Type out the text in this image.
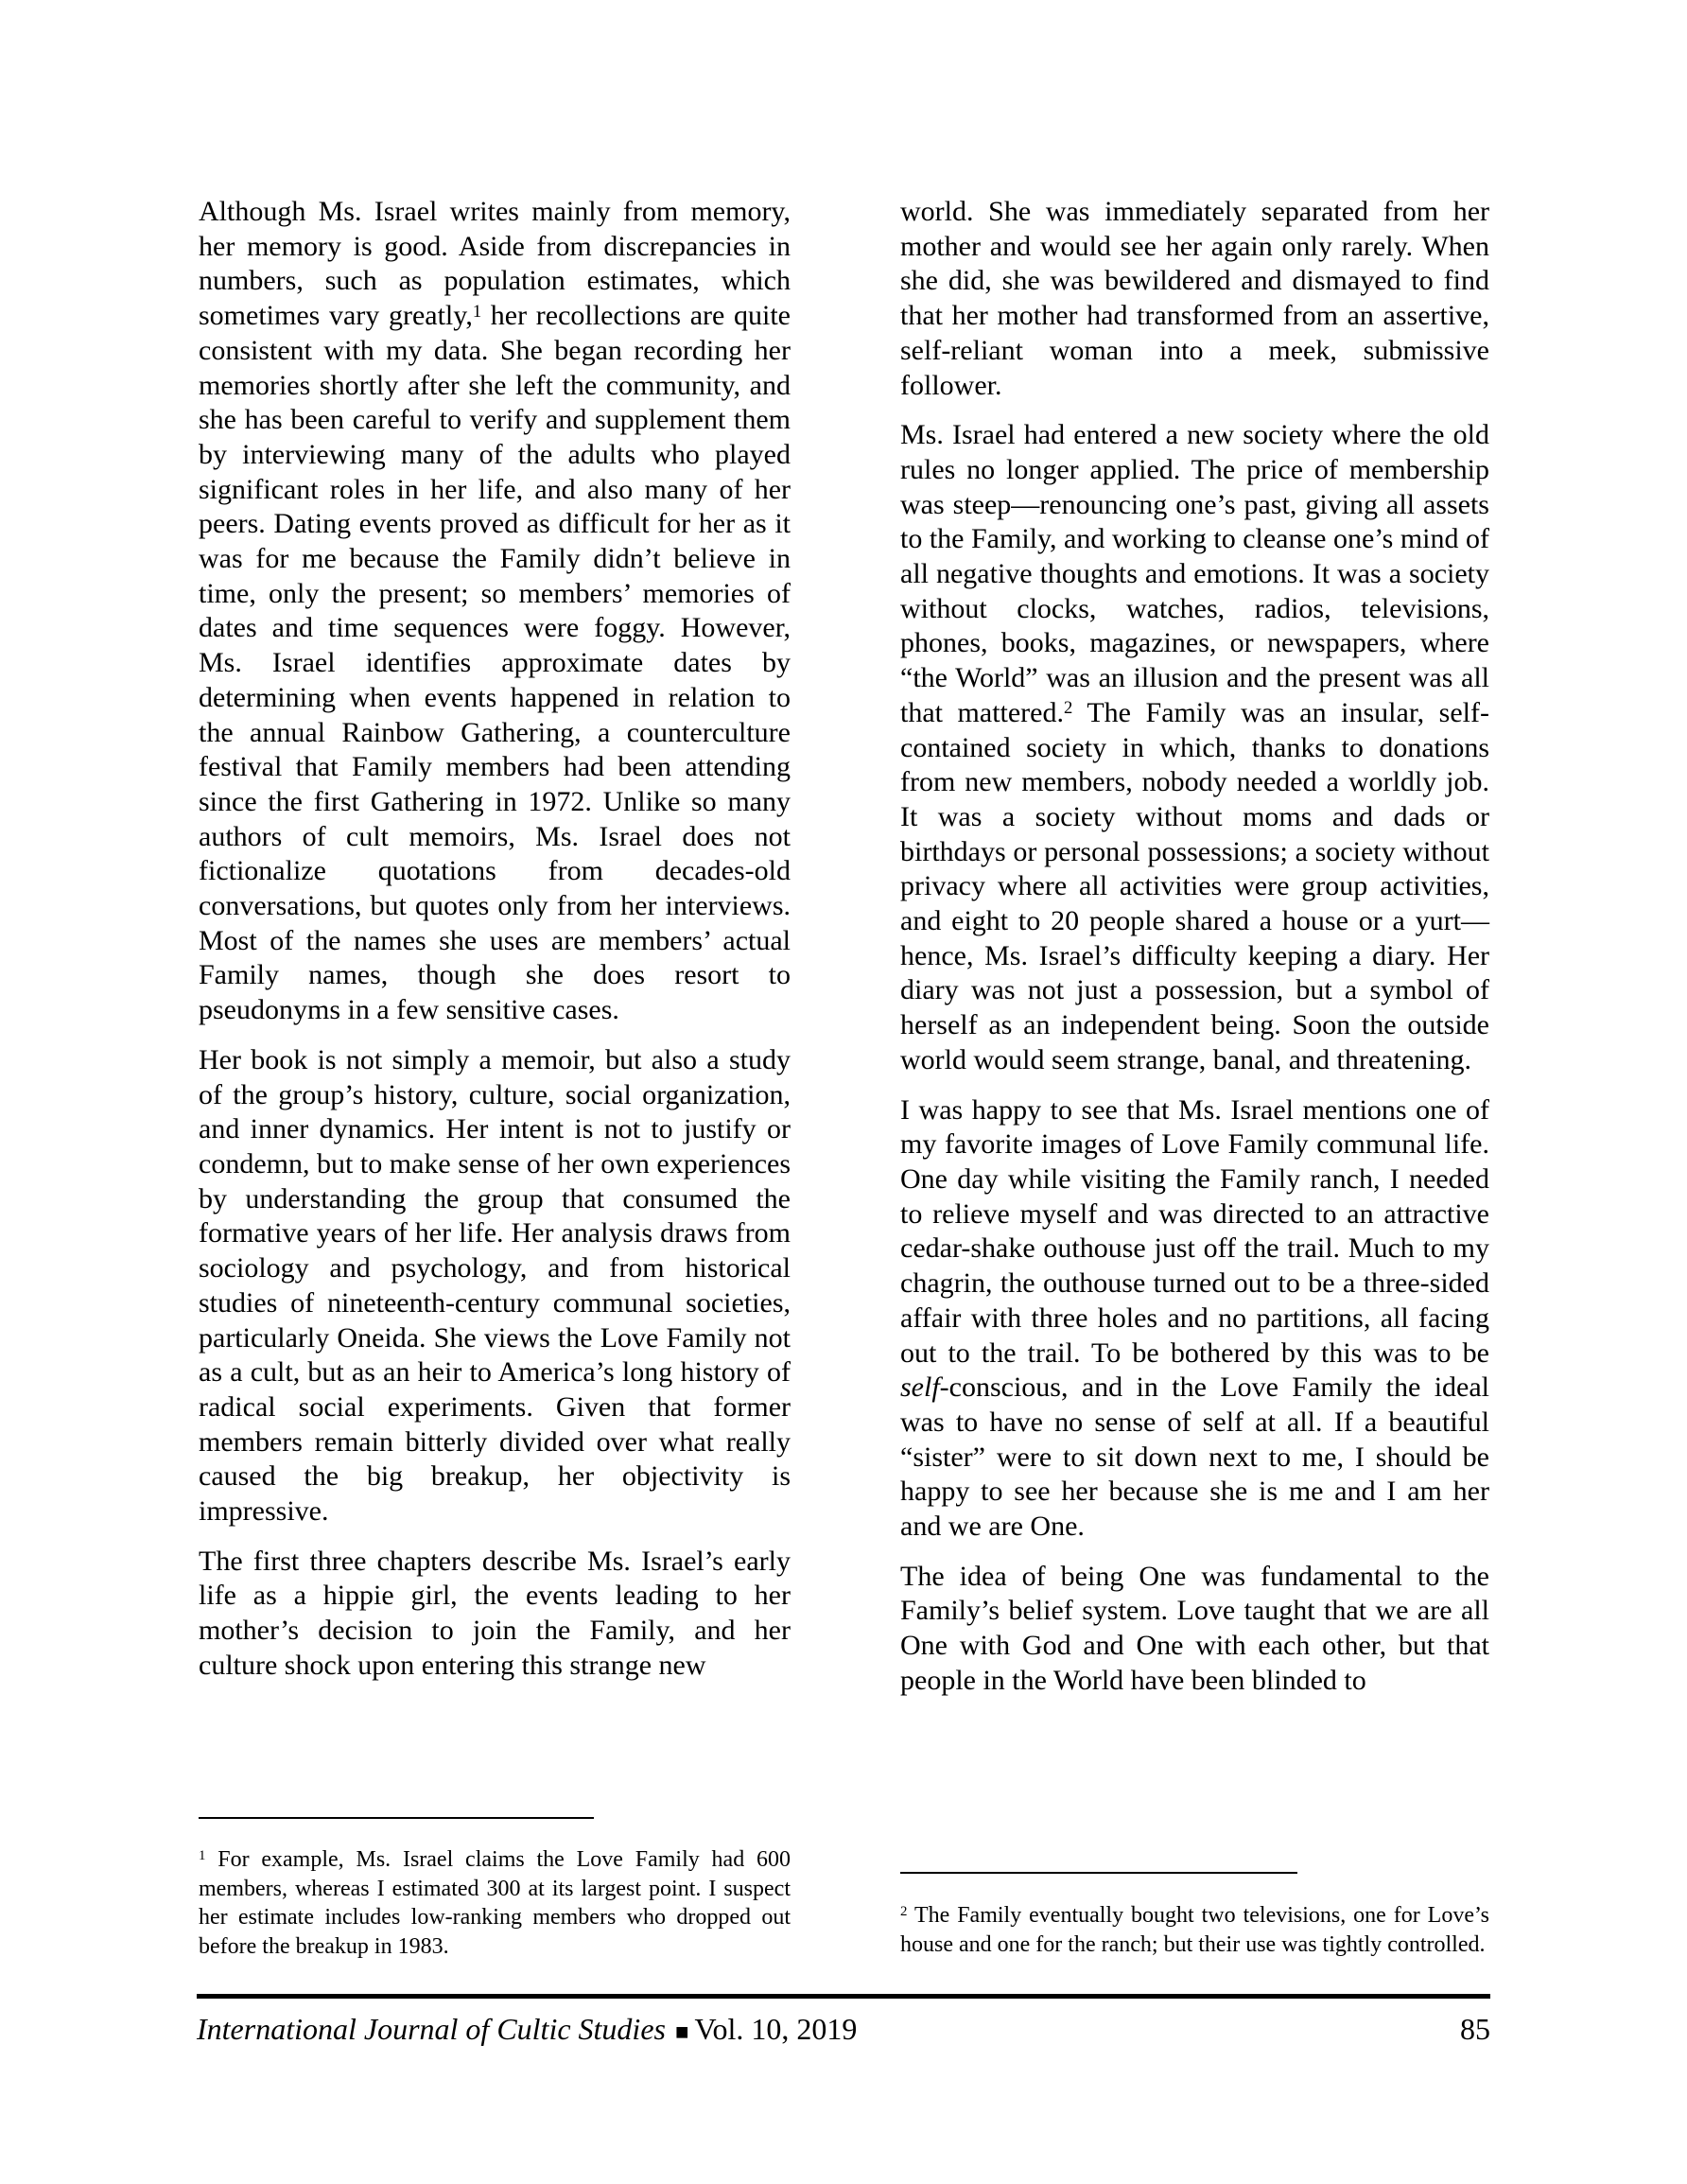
Although Ms. Israel writes mainly from memory, her memory is good. Aside from discrepancies in numbers, such as population estimates, which sometimes vary greatly,$^1$ her recollections are quite consistent with my data. She began recording her memories shortly after she left the community, and she has been careful to verify and supplement them by interviewing many of the adults who played significant roles in her life, and also many of her peers. Dating events proved as difficult for her as it was for me because the Family didn’t believe in time, only the present; so members’ memories of dates and time sequences were foggy. However, Ms. Israel identifies approximate dates by determining when events happened in relation to the annual Rainbow Gathering, a counterculture festival that Family members had been attending since the first Gathering in 1972. Unlike so many authors of cult memoirs, Ms. Israel does not fictionalize quotations from decades-old conversations, but quotes only from her interviews. Most of the names she uses are members’ actual Family names, though she does resort to pseudonyms in a few sensitive cases.

Her book is not simply a memoir, but also a study of the group’s history, culture, social organization, and inner dynamics. Her intent is not to justify or condemn, but to make sense of her own experiences by understanding the group that consumed the formative years of her life. Her analysis draws from sociology and psychology, and from historical studies of nineteenth-century communal societies, particularly Oneida. She views the Love Family not as a cult, but as an heir to America’s long history of radical social experiments. Given that former members remain bitterly divided over what really caused the big breakup, her objectivity is impressive.

The first three chapters describe Ms. Israel’s early life as a hippie girl, the events leading to her mother’s decision to join the Family, and her culture shock upon entering this strange new

world. She was immediately separated from her mother and would see her again only rarely. When she did, she was bewildered and dismayed to find that her mother had transformed from an assertive, self-reliant woman into a meek, submissive follower.

Ms. Israel had entered a new society where the old rules no longer applied. The price of membership was steep—renouncing one’s past, giving all assets to the Family, and working to cleanse one’s mind of all negative thoughts and emotions. It was a society without clocks, watches, radios, televisions, phones, books, magazines, or newspapers, where “the World” was an illusion and the present was all that mattered.$^2$ The Family was an insular, self-contained society in which, thanks to donations from new members, nobody needed a worldly job. It was a society without moms and dads or birthdays or personal possessions; a society without privacy where all activities were group activities, and eight to 20 people shared a house or a yurt—hence, Ms. Israel’s difficulty keeping a diary. Her diary was not just a possession, but a symbol of herself as an independent being. Soon the outside world would seem strange, banal, and threatening.

I was happy to see that Ms. Israel mentions one of my favorite images of Love Family communal life. One day while visiting the Family ranch, I needed to relieve myself and was directed to an attractive cedar-shake outhouse just off the trail. Much to my chagrin, the outhouse turned out to be a three-sided affair with three holes and no partitions, all facing out to the trail. To be bothered by this was to be self-conscious, and in the Love Family the ideal was to have no sense of self at all. If a beautiful “sister” were to sit down next to me, I should be happy to see her because she is me and I am her and we are One.

The idea of being One was fundamental to the Family’s belief system. Love taught that we are all One with God and One with each other, but that people in the World have been blinded to

$^1$ For example, Ms. Israel claims the Love Family had 600 members, whereas I estimated 300 at its largest point. I suspect her estimate includes low-ranking members who dropped out before the breakup in 1983.
$^2$ The Family eventually bought two televisions, one for Love’s house and one for the ranch; but their use was tightly controlled.
International Journal of Cultic Studies ■ Vol. 10, 2019	85
